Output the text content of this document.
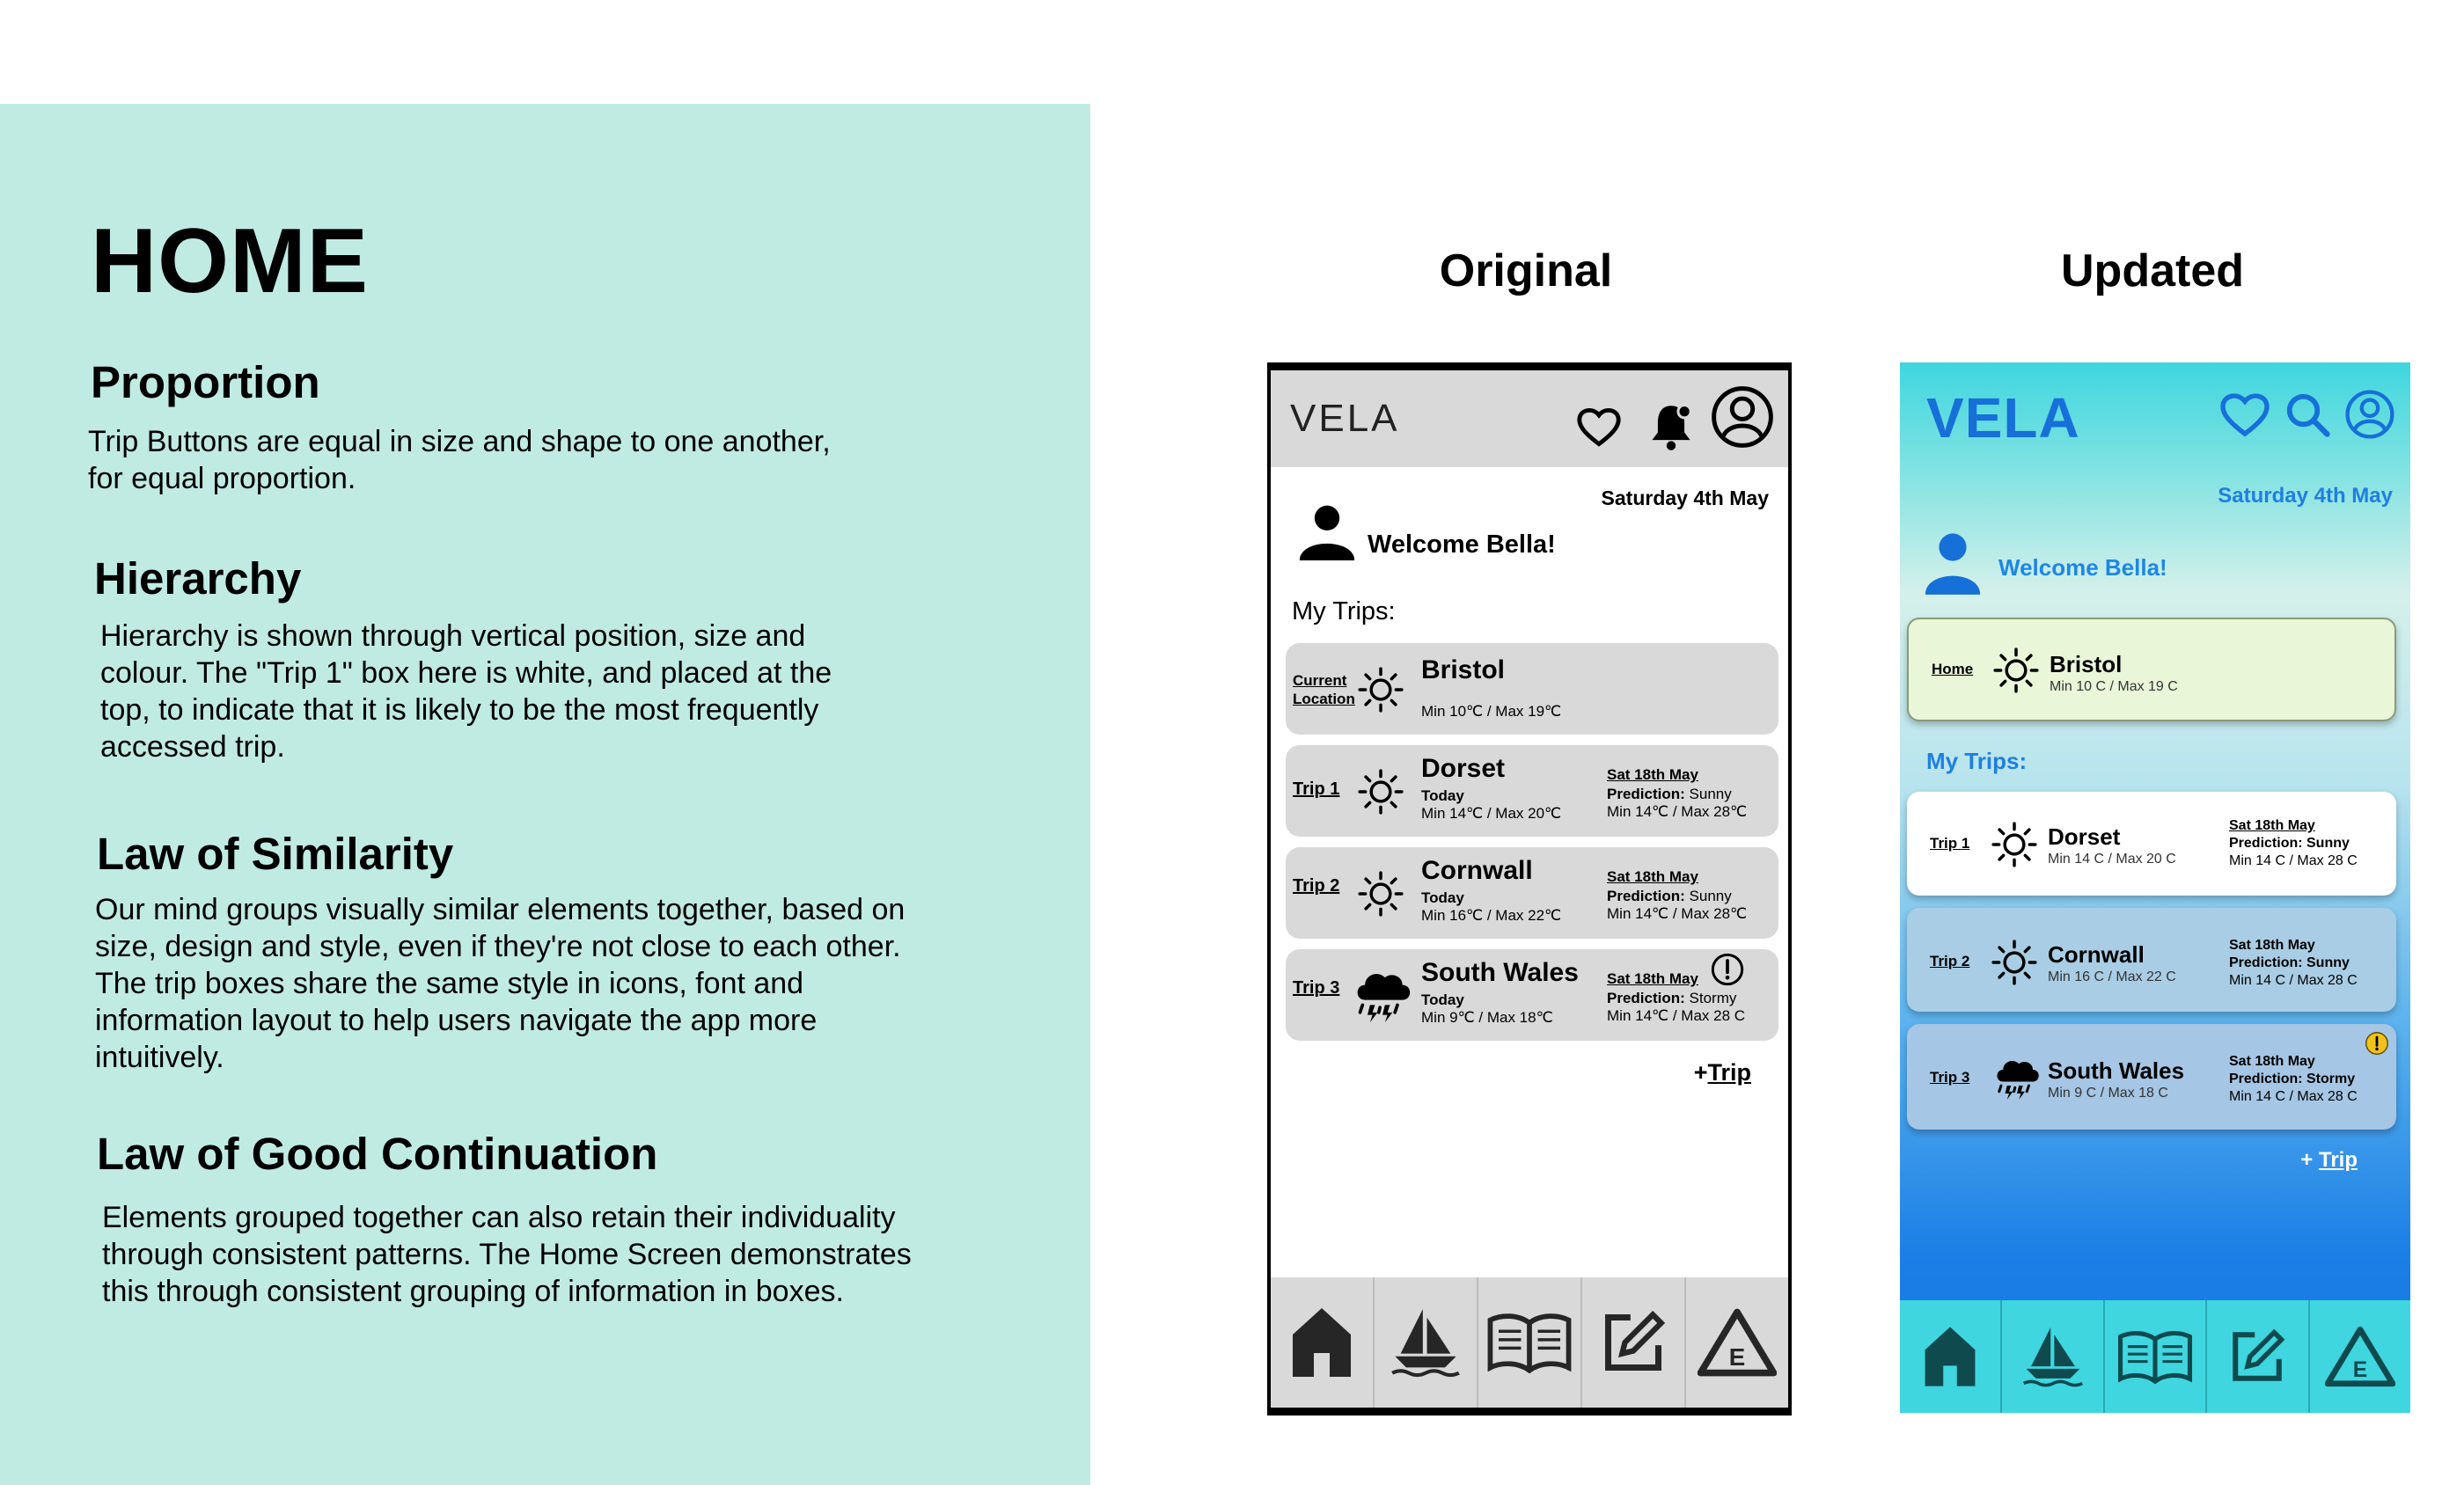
HOME
Proportion
Trip Buttons are equal in size and shape to one another,
for equal proportion.
Hierarchy
Hierarchy is shown through vertical position, size and
colour. The "Trip 1" box here is white, and placed at the
top, to indicate that it is likely to be the most frequently
accessed trip.
Law of Similarity
Our mind groups visually similar elements together, based on
size, design and style, even if they're not close to each other.
The trip boxes share the same style in icons, font and
information layout to help users navigate the app more
intuitively.
Law of Good Continuation
Elements grouped together can also retain their individuality
through consistent patterns. The Home Screen demonstrates
this through consistent grouping of information in boxes.
Original	Updated
VELA
Saturday 4th May
Welcome Bella!
My Trips:
Current
Location
Bristol
Min 10℃ / Max 19℃
Trip 1
Dorset
Today
Min 14℃ / Max 20℃
Sat 18th May
Prediction: Sunny
Min 14℃ / Max 28℃
Trip 2
Cornwall
Today
Min 16℃ / Max 22℃
Sat 18th May
Prediction: Sunny
Min 14℃ / Max 28℃
Trip 3
South Wales
Today
Min 9℃ / Max 18℃
Sat 18th May
Prediction: Stormy
Min 14℃ / Max 28 C
+Trip
E
VELA
Saturday 4th May
Welcome Bella!
Home	Bristol
Min 10 C / Max 19 C
My Trips:
Trip 1	Dorset
Min 14 C / Max 20 C
Sat 18th May
Prediction: Sunny
Min 14 C / Max 28 C
Trip 2	Cornwall
Min 16 C / Max 22 C
Sat 18th May
Prediction: Sunny
Min 14 C / Max 28 C
Trip 3	South Wales
Min 9 C / Max 18 C
Sat 18th May
Prediction: Stormy
Min 14 C / Max 28 C
+ Trip
E
